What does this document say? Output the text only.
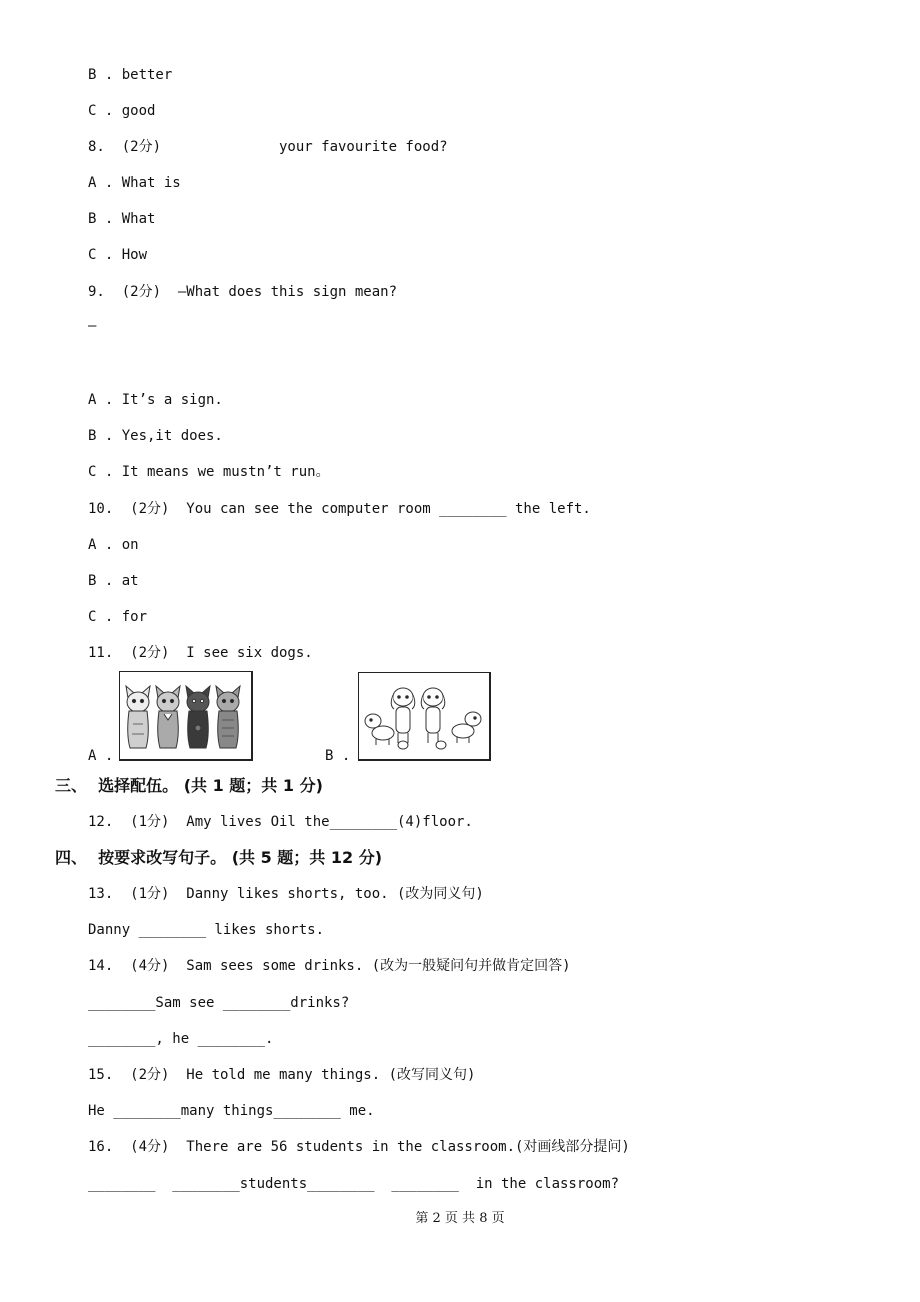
B . better
C . good
8.  (2分)              your favourite food?
A . What is
B . What
C . How
9.  (2分)  —What does this sign mean?
—
A . It’s a sign.
B . Yes,it does.
C . It means we mustn’t run。
10.  (2分)  You can see the computer room ________ the left.
A . on
B . at
C . for
11.  (2分)  I see six dogs.
A .	B .
三、  选择配伍。 (共 1 题；共 1 分)
12.  (1分)  Amy lives Oil the________(4)floor.
四、  按要求改写句子。 (共 5 题；共 12 分)
13.  (1分)  Danny likes shorts, too. (改为同义句)
Danny ________ likes shorts.
14.  (4分)  Sam sees some drinks. (改为一般疑问句并做肯定回答)
________Sam see ________drinks?
________, he ________.
15.  (2分)  He told me many things. (改写同义句)
He ________many things________ me.
16.  (4分)  There are 56 students in the classroom.(对画线部分提问)
________  ________students________  ________  in the classroom?
第 2 页 共 8 页
